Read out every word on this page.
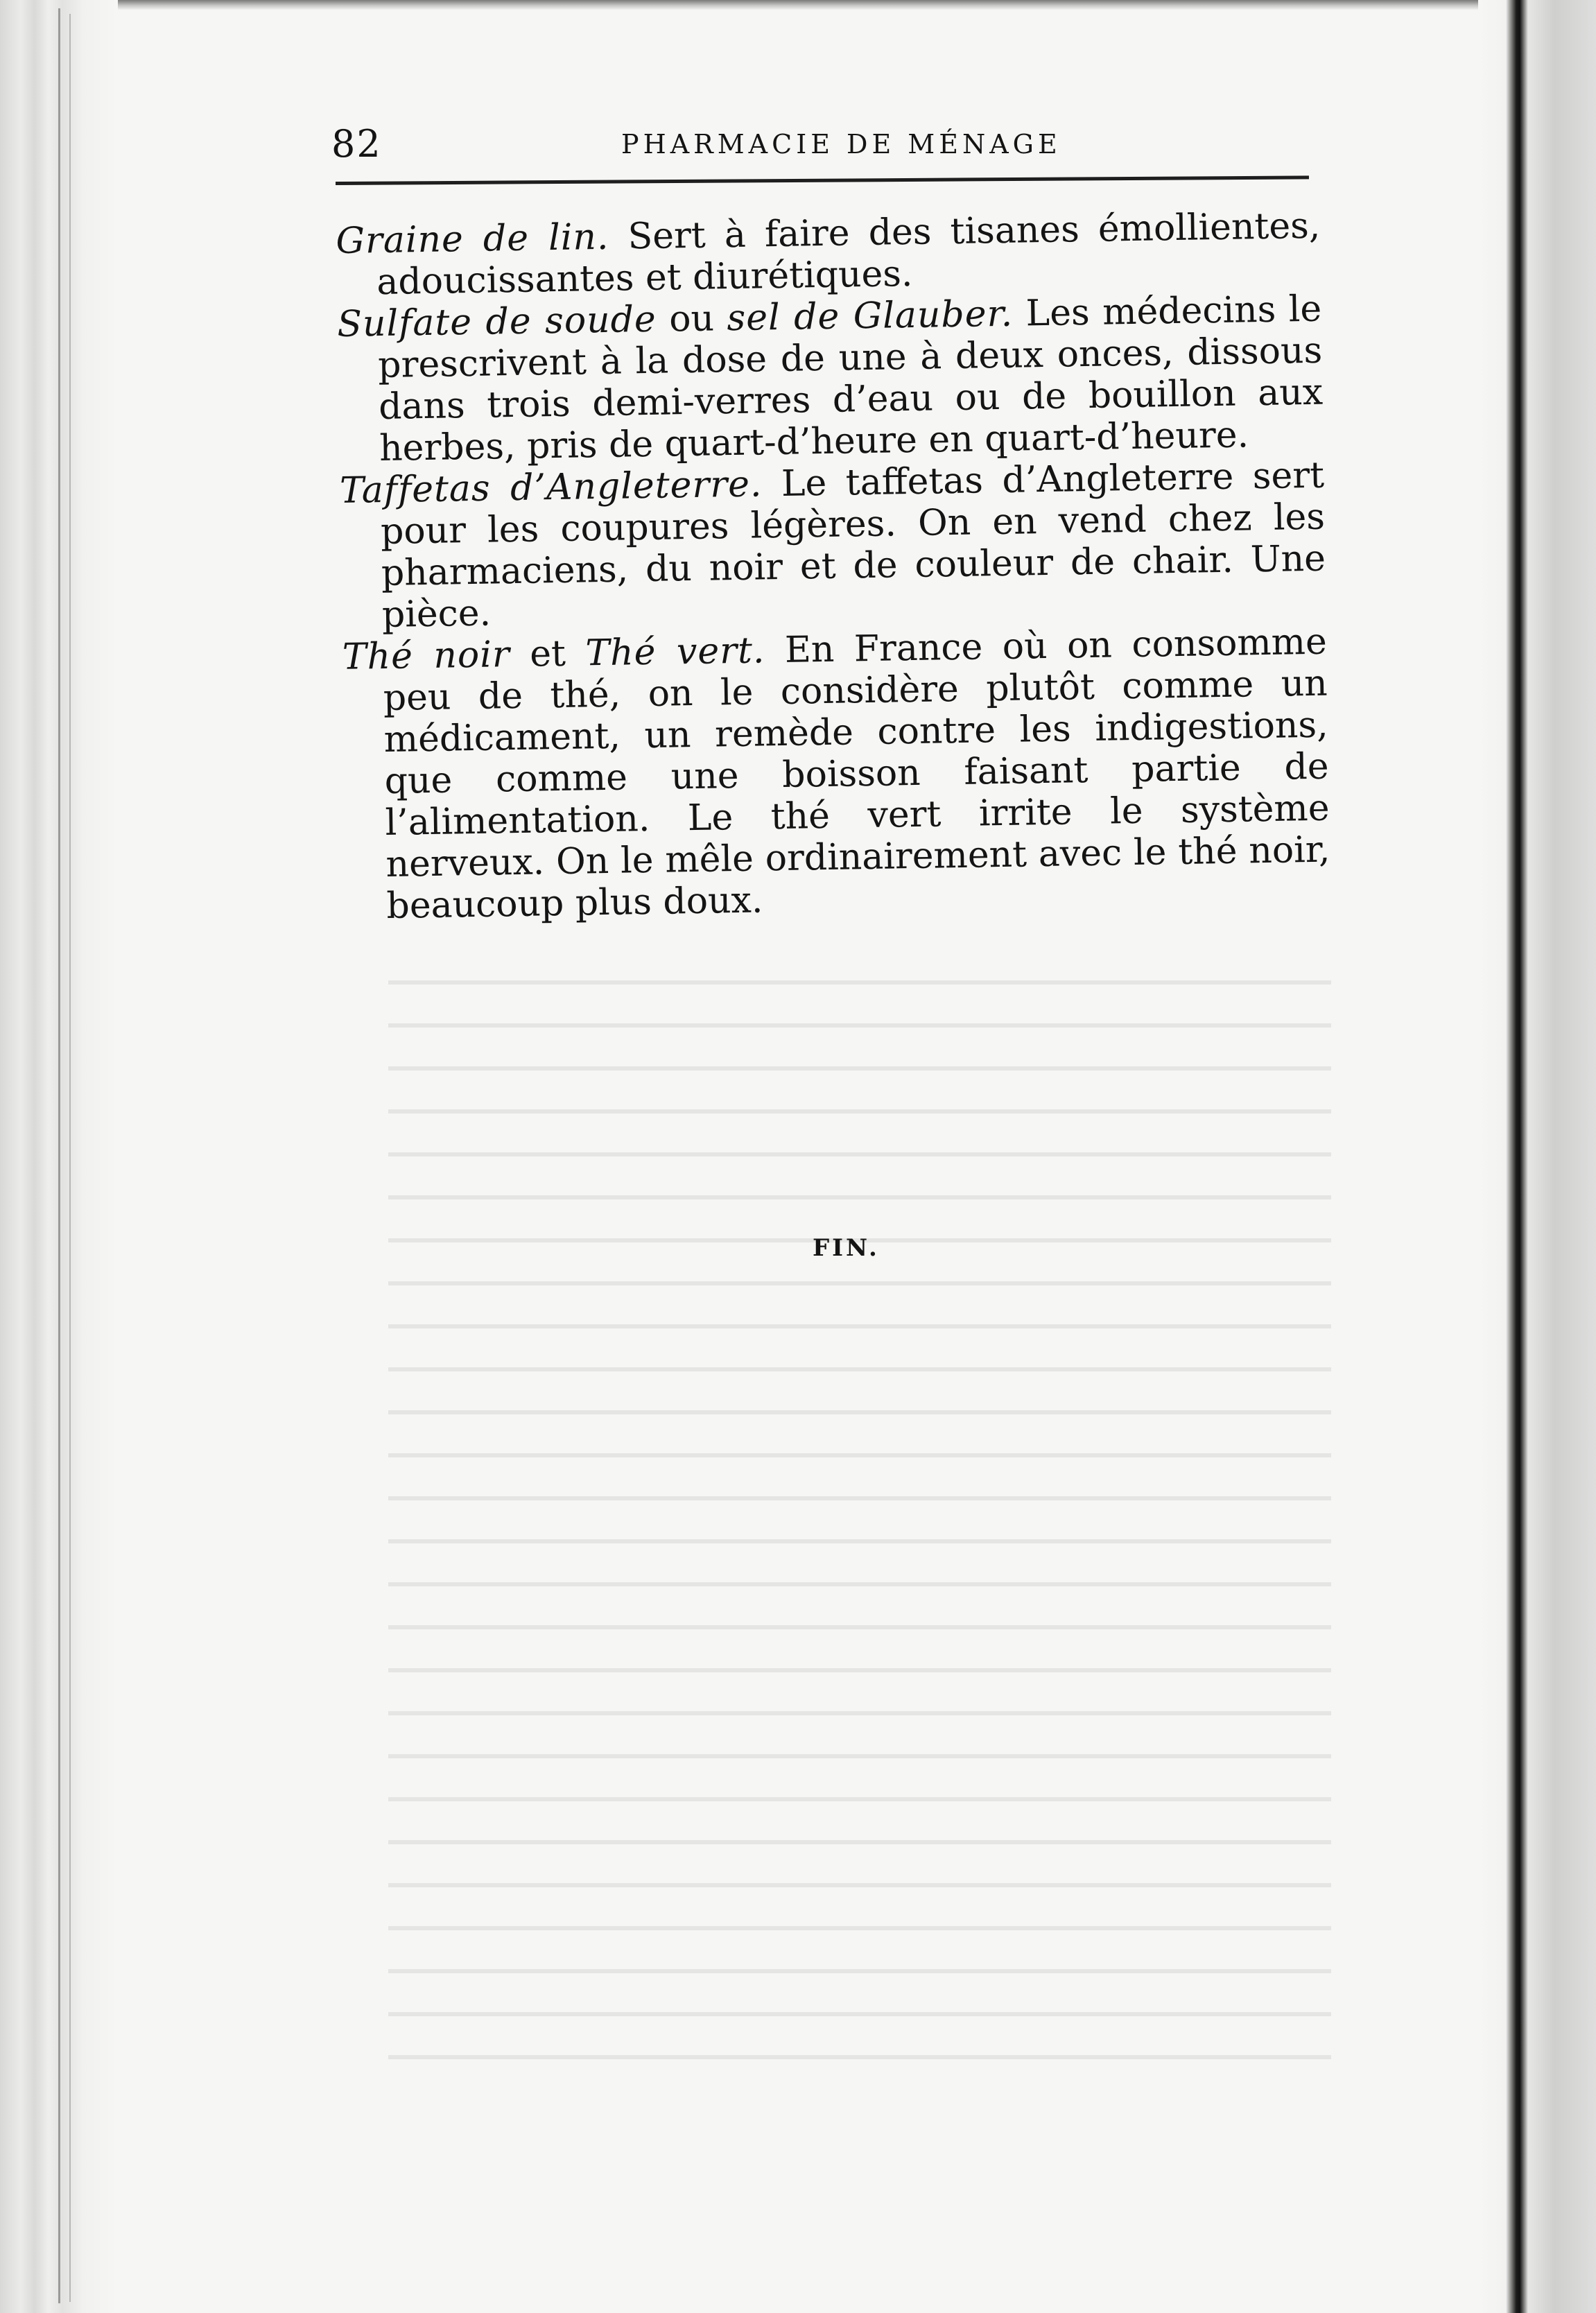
82	PHARMACIE DE MÉNAGE

Graine de lin. Sert à faire des tisanes émollientes, adoucissantes et diurétiques.

Sulfate de soude ou sel de Glauber. Les médecins le prescrivent à la dose de une à deux onces, dissous dans trois demi-verres d’eau ou de bouillon aux herbes, pris de quart-d’heure en quart-d’heure.

Taffetas d’Angleterre. Le taffetas d’Angleterre sert pour les coupures légères. On en vend chez les pharmaciens, du noir et de couleur de chair. Une pièce.

Thé noir et Thé vert. En France où on consomme peu de thé, on le considère plutôt comme un médicament, un remède contre les indigestions, que comme une boisson faisant partie de l’alimentation. Le thé vert irrite le système nerveux. On le mêle ordinairement avec le thé noir, beaucoup plus doux.

FIN.
